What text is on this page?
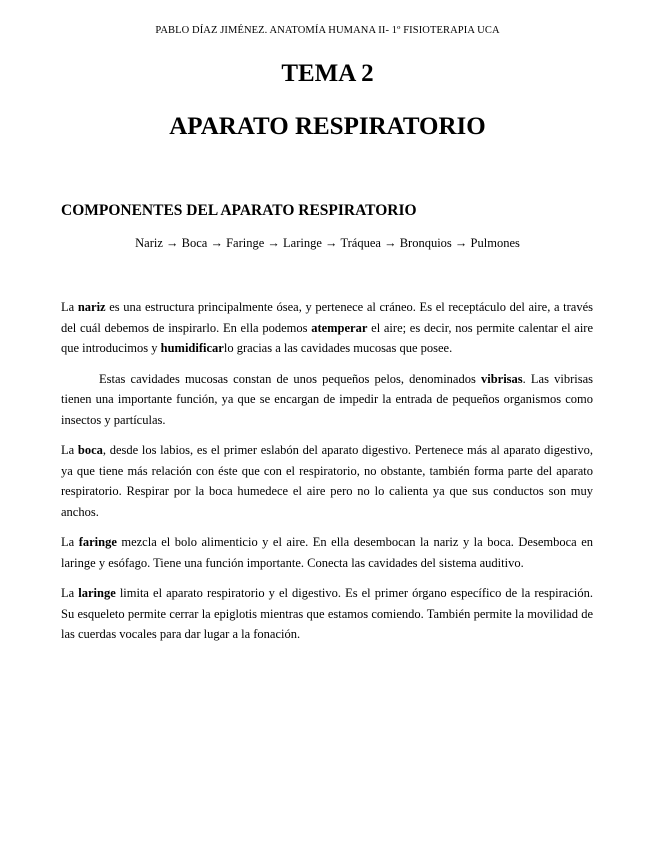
PABLO DÍAZ JIMÉNEZ. ANATOMÍA HUMANA II- 1º FISIOTERAPIA UCA
TEMA 2
APARATO RESPIRATORIO
COMPONENTES DEL APARATO RESPIRATORIO
Nariz → Boca → Faringe → Laringe → Tráquea → Bronquios → Pulmones

La nariz es una estructura principalmente ósea, y pertenece al cráneo. Es el receptáculo del aire, a través del cuál debemos de inspirarlo. En ella podemos atemperar el aire; es decir, nos permite calentar el aire que introducimos y humidificarlo gracias a las cavidades mucosas que posee.

Estas cavidades mucosas constan de unos pequeños pelos, denominados vibrisas. Las vibrisas tienen una importante función, ya que se encargan de impedir la entrada de pequeños organismos como insectos y partículas.

La boca, desde los labios, es el primer eslabón del aparato digestivo. Pertenece más al aparato digestivo, ya que tiene más relación con éste que con el respiratorio, no obstante, también forma parte del aparato respiratorio. Respirar por la boca humedece el aire pero no lo calienta ya que sus conductos son muy anchos.

La faringe mezcla el bolo alimenticio y el aire. En ella desembocan la nariz y la boca. Desemboca en laringe y esófago. Tiene una función importante. Conecta las cavidades del sistema auditivo.

La laringe limita el aparato respiratorio y el digestivo. Es el primer órgano específico de la respiración. Su esqueleto permite cerrar la epiglotis mientras que estamos comiendo. También permite la movilidad de las cuerdas vocales para dar lugar a la fonación.
